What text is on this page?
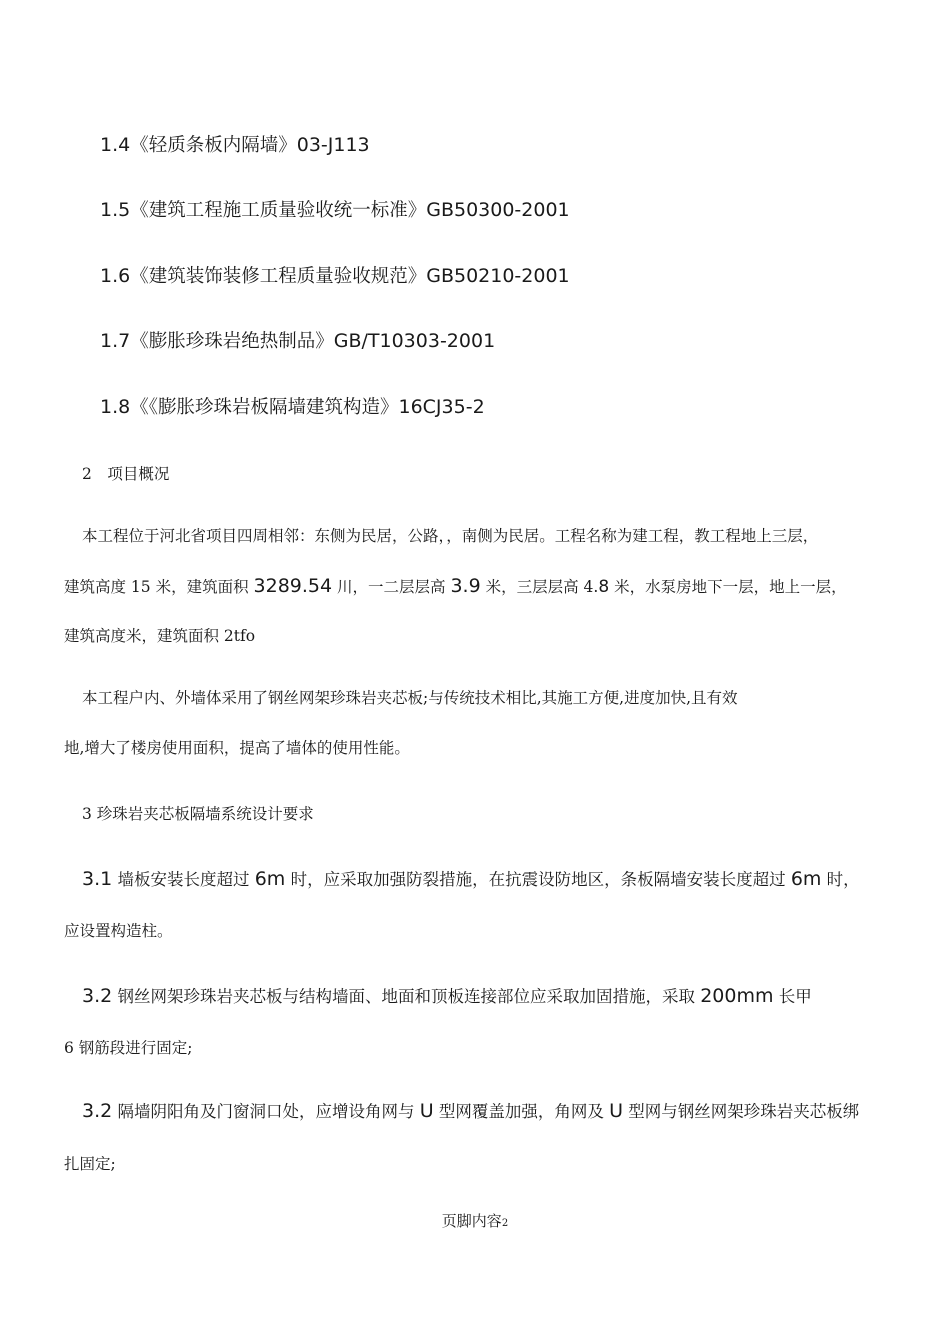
1.4《轻质条板内隔墙》03-J113
1.5《建筑工程施工质量验收统一标准》GB50300-2001
1.6《建筑装饰装修工程质量验收规范》GB50210-2001
1.7《膨胀珍珠岩绝热制品》GB/T10303-2001
1.8《《膨胀珍珠岩板隔墙建筑构造》16CJ35-2
2　项目概况
本工程位于河北省项目四周相邻：东侧为民居，公路，，南侧为民居。工程名称为建工程，教工程地上三层，
建筑高度 15 米，建筑面积 3289.54 川，一二层层高 3.9 米，三层层高 4.8 米，水泵房地下一层，地上一层，
建筑高度米，建筑面积 2tfo
本工程户内、外墙体采用了钢丝网架珍珠岩夹芯板;与传统技术相比,其施工方便,进度加快,且有效
地,增大了楼房使用面积，提高了墙体的使用性能。
3 珍珠岩夹芯板隔墙系统设计要求
3.1 墙板安装长度超过 6m 时，应采取加强防裂措施，在抗震设防地区，条板隔墙安装长度超过 6m 时，
应设置构造柱。
3.2 钢丝网架珍珠岩夹芯板与结构墙面、地面和顶板连接部位应采取加固措施，采取 200mm 长甲
6 钢筋段进行固定;
3.2 隔墙阴阳角及门窗洞口处，应增设角网与 U 型网覆盖加强，角网及 U 型网与钢丝网架珍珠岩夹芯板绑
扎固定;
页脚内容2
